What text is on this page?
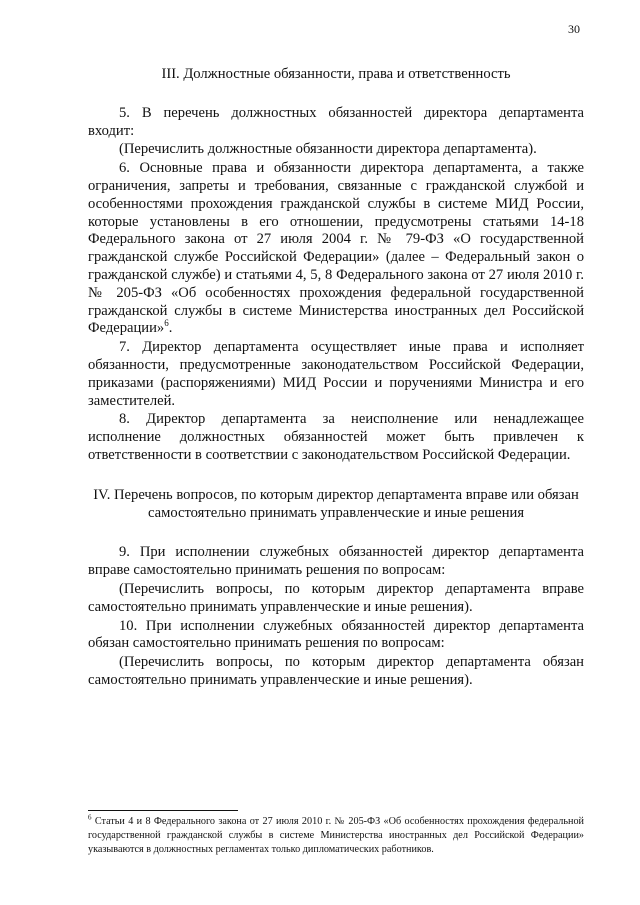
30
III. Должностные обязанности, права и ответственность

5. В перечень должностных обязанностей директора департамента входит:

(Перечислить должностные обязанности директора департамента).

6. Основные права и обязанности директора департамента, а также ограничения, запреты и требования, связанные с гражданской службой и особенностями прохождения гражданской службы в системе МИД России, которые установлены в его отношении, предусмотрены статьями 14-18 Федерального закона от 27 июля 2004 г. № 79-ФЗ «О государственной гражданской службе Российской Федерации» (далее – Федеральный закон о гражданской службе) и статьями 4, 5, 8 Федерального закона от 27 июля 2010 г. № 205-ФЗ «Об особенностях прохождения федеральной государственной гражданской службы в системе Министерства иностранных дел Российской Федерации»$^6$.

7. Директор департамента осуществляет иные права и исполняет обязанности, предусмотренные законодательством Российской Федерации, приказами (распоряжениями) МИД России и поручениями Министра и его заместителей.

8. Директор департамента за неисполнение или ненадлежащее исполнение должностных обязанностей может быть привлечен к ответственности в соответствии с законодательством Российской Федерации.

IV. Перечень вопросов, по которым директор департамента вправе или обязан
самостоятельно принимать управленческие и иные решения

9. При исполнении служебных обязанностей директор департамента вправе самостоятельно принимать решения по вопросам:

(Перечислить вопросы, по которым директор департамента вправе самостоятельно принимать управленческие и иные решения).

10. При исполнении служебных обязанностей директор департамента обязан самостоятельно принимать решения по вопросам:

(Перечислить вопросы, по которым директор департамента обязан самостоятельно принимать управленческие и иные решения).

$^6$ Статьи 4 и 8 Федерального закона от 27 июля 2010 г. № 205-ФЗ «Об особенностях прохождения федеральной государственной гражданской службы в системе Министерства иностранных дел Российской Федерации» указываются в должностных регламентах только дипломатических работников.
